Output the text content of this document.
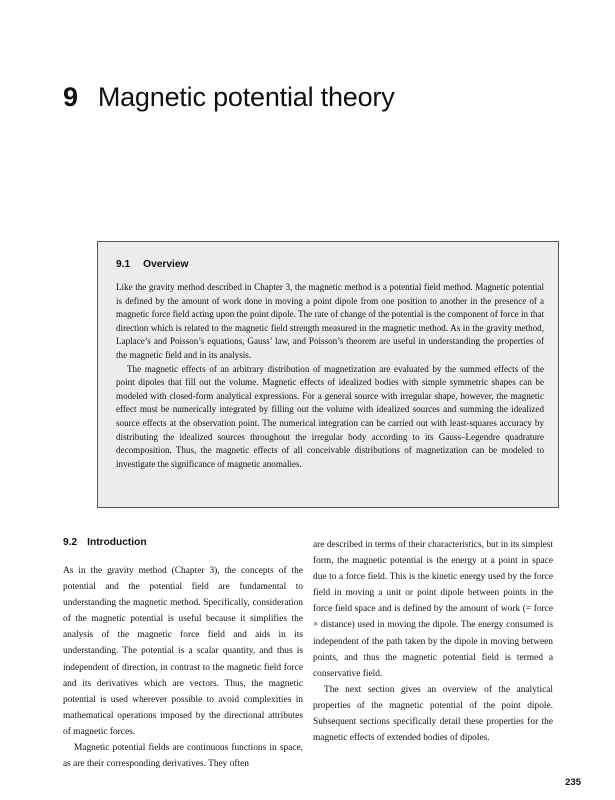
9 Magnetic potential theory
9.1 Overview

Like the gravity method described in Chapter 3, the magnetic method is a potential field method. Magnetic potential is defined by the amount of work done in moving a point dipole from one position to another in the presence of a magnetic force field acting upon the point dipole. The rate of change of the potential is the component of force in that direction which is related to the magnetic field strength measured in the magnetic method. As in the gravity method, Laplace’s and Poisson’s equations, Gauss’ law, and Poisson’s theorem are useful in understanding the properties of the magnetic field and in its analysis.

The magnetic effects of an arbitrary distribution of magnetization are evaluated by the summed effects of the point dipoles that fill out the volume. Magnetic effects of idealized bodies with simple symmetric shapes can be modeled with closed-form analytical expressions. For a general source with irregular shape, however, the magnetic effect must be numerically integrated by filling out the volume with idealized sources and summing the idealized source effects at the observation point. The numerical integration can be carried out with least-squares accuracy by distributing the idealized sources throughout the irregular body according to its Gauss–Legendre quadrature decomposition. Thus, the magnetic effects of all conceivable distributions of magnetization can be modeled to investigate the significance of magnetic anomalies.

9.2 Introduction

As in the gravity method (Chapter 3), the concepts of the potential and the potential field are fundamental to understanding the magnetic method. Specifically, consideration of the magnetic potential is useful because it simplifies the analysis of the magnetic force field and aids in its understanding. The potential is a scalar quantity, and thus is independent of direction, in contrast to the magnetic field force and its derivatives which are vectors. Thus, the magnetic potential is used wherever possible to avoid complexities in mathematical operations imposed by the directional attributes of magnetic forces.

Magnetic potential fields are continuous functions in space, as are their corresponding derivatives. They often

are described in terms of their characteristics, but in its simplest form, the magnetic potential is the energy at a point in space due to a force field. This is the kinetic energy used by the force field in moving a unit or point dipole between points in the force field space and is defined by the amount of work (= force × distance) used in moving the dipole. The energy consumed is independent of the path taken by the dipole in moving between points, and thus the magnetic potential field is termed a conservative field.

The next section gives an overview of the analytical properties of the magnetic potential of the point dipole. Subsequent sections specifically detail these properties for the magnetic effects of extended bodies of dipoles.

235
